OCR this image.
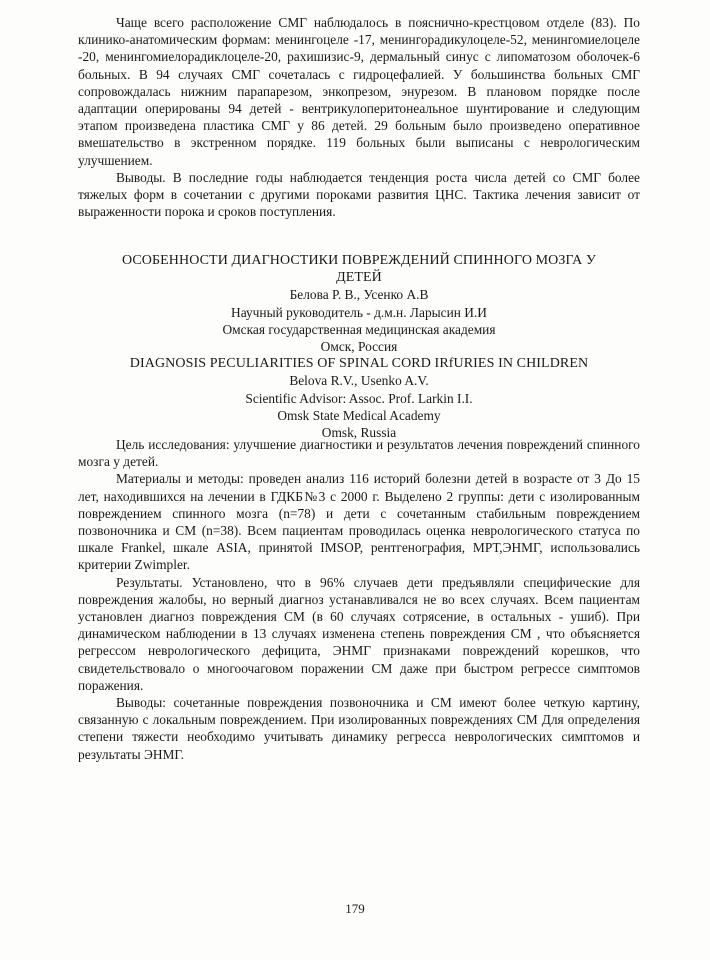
Чаще всего расположение СМГ наблюдалось в пояснично-крестцовом отделе (83). По клинико-анатомическим формам: менингоцеле -17, менингорадикулоцеле-52, менингомиелоцеле -20, менингомиелорадиклоцеле-20, рахишизис-9, дермальный синус с липоматозом оболочек-6 больных. В 94 случаях СМГ сочеталась с гидроцефалией. У большинства больных СМГ сопровождалась нижним парапарезом, энкопрезом, энурезом. В плановом порядке после адаптации оперированы 94 детей - вентрикулоперитонеальное шунтирование и следующим этапом произведена пластика СМГ у 86 детей. 29 больным было произведено оперативное вмешательство в экстренном порядке. 119 больных были выписаны с неврологическим улучшением.

Выводы. В последние годы наблюдается тенденция роста числа детей со СМГ более тяжелых форм в сочетании с другими пороками развития ЦНС. Тактика лечения зависит от выраженности порока и сроков поступления.

ОСОБЕННОСТИ ДИАГНОСТИКИ ПОВРЕЖДЕНИЙ СПИННОГО МОЗГА У

ДЕТЕЙ

Белова Р. В., Усенко А.В

Научный руководитель - д.м.н. Ларысин И.И

Омская государственная медицинская академия

Омск, Россия

DIAGNOSIS PECULIARITIES OF SPINAL CORD IRfURIES IN CHILDREN

Belova R.V., Usenko A.V.

Scientific Advisor: Assoc. Prof. Larkin I.I.

Omsk State Medical Academy

Omsk, Russia

Цель исследования: улучшение диагностики и результатов лечения повреждений спинного мозга у детей.

Материалы и методы: проведен анализ 116 историй болезни детей в возрасте от 3 До 15 лет, находившихся на лечении в ГДКБ№3 с 2000 г. Выделено 2 группы: дети с изолированным повреждением спинного мозга (n=78) и дети с сочетанным стабильным повреждением позвоночника и СМ (n=38). Всем пациентам проводилась оценка неврологического статуса по шкале Frankel, шкале ASIA, принятой IMSOP, рентгенография, МРТ,ЭНМГ, использовались критерии Zwimpler.

Результаты. Установлено, что в 96% случаев дети предъявляли специфические для повреждения жалобы, но верный диагноз устанавливался не во всех случаях. Всем пациентам установлен диагноз повреждения СМ (в 60 случаях сотрясение, в остальных - ушиб). При динамическом наблюдении в 13 случаях изменена степень повреждения СМ , что объясняется регрессом неврологического дефицита, ЭНМГ признаками повреждений корешков, что свидетельствовало о многоочаговом поражении СМ даже при быстром регрессе симптомов поражения.

Выводы: сочетанные повреждения позвоночника и СМ имеют более четкую картину, связанную с локальным повреждением. При изолированных повреждениях СМ Для определения степени тяжести необходимо учитывать динамику регресса неврологических симптомов и результаты ЭНМГ.

179
